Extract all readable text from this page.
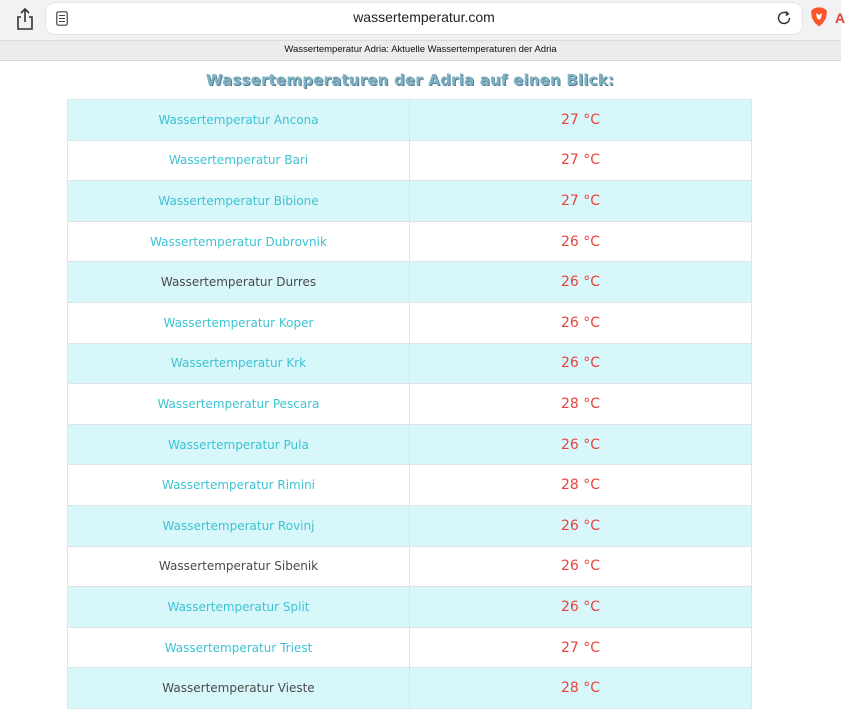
wassertemperatur.com	A
Wassertemperatur Adria: Aktuelle Wassertemperaturen der Adria
Wassertemperaturen der Adria auf einen Blick:
Wassertemperatur Ancona	27 °C
Wassertemperatur Bari	27 °C
Wassertemperatur Bibione	27 °C
Wassertemperatur Dubrovnik	26 °C
Wassertemperatur Durres	26 °C
Wassertemperatur Koper	26 °C
Wassertemperatur Krk	26 °C
Wassertemperatur Pescara	28 °C
Wassertemperatur Pula	26 °C
Wassertemperatur Rimini	28 °C
Wassertemperatur Rovinj	26 °C
Wassertemperatur Sibenik	26 °C
Wassertemperatur Split	26 °C
Wassertemperatur Triest	27 °C
Wassertemperatur Vieste	28 °C
